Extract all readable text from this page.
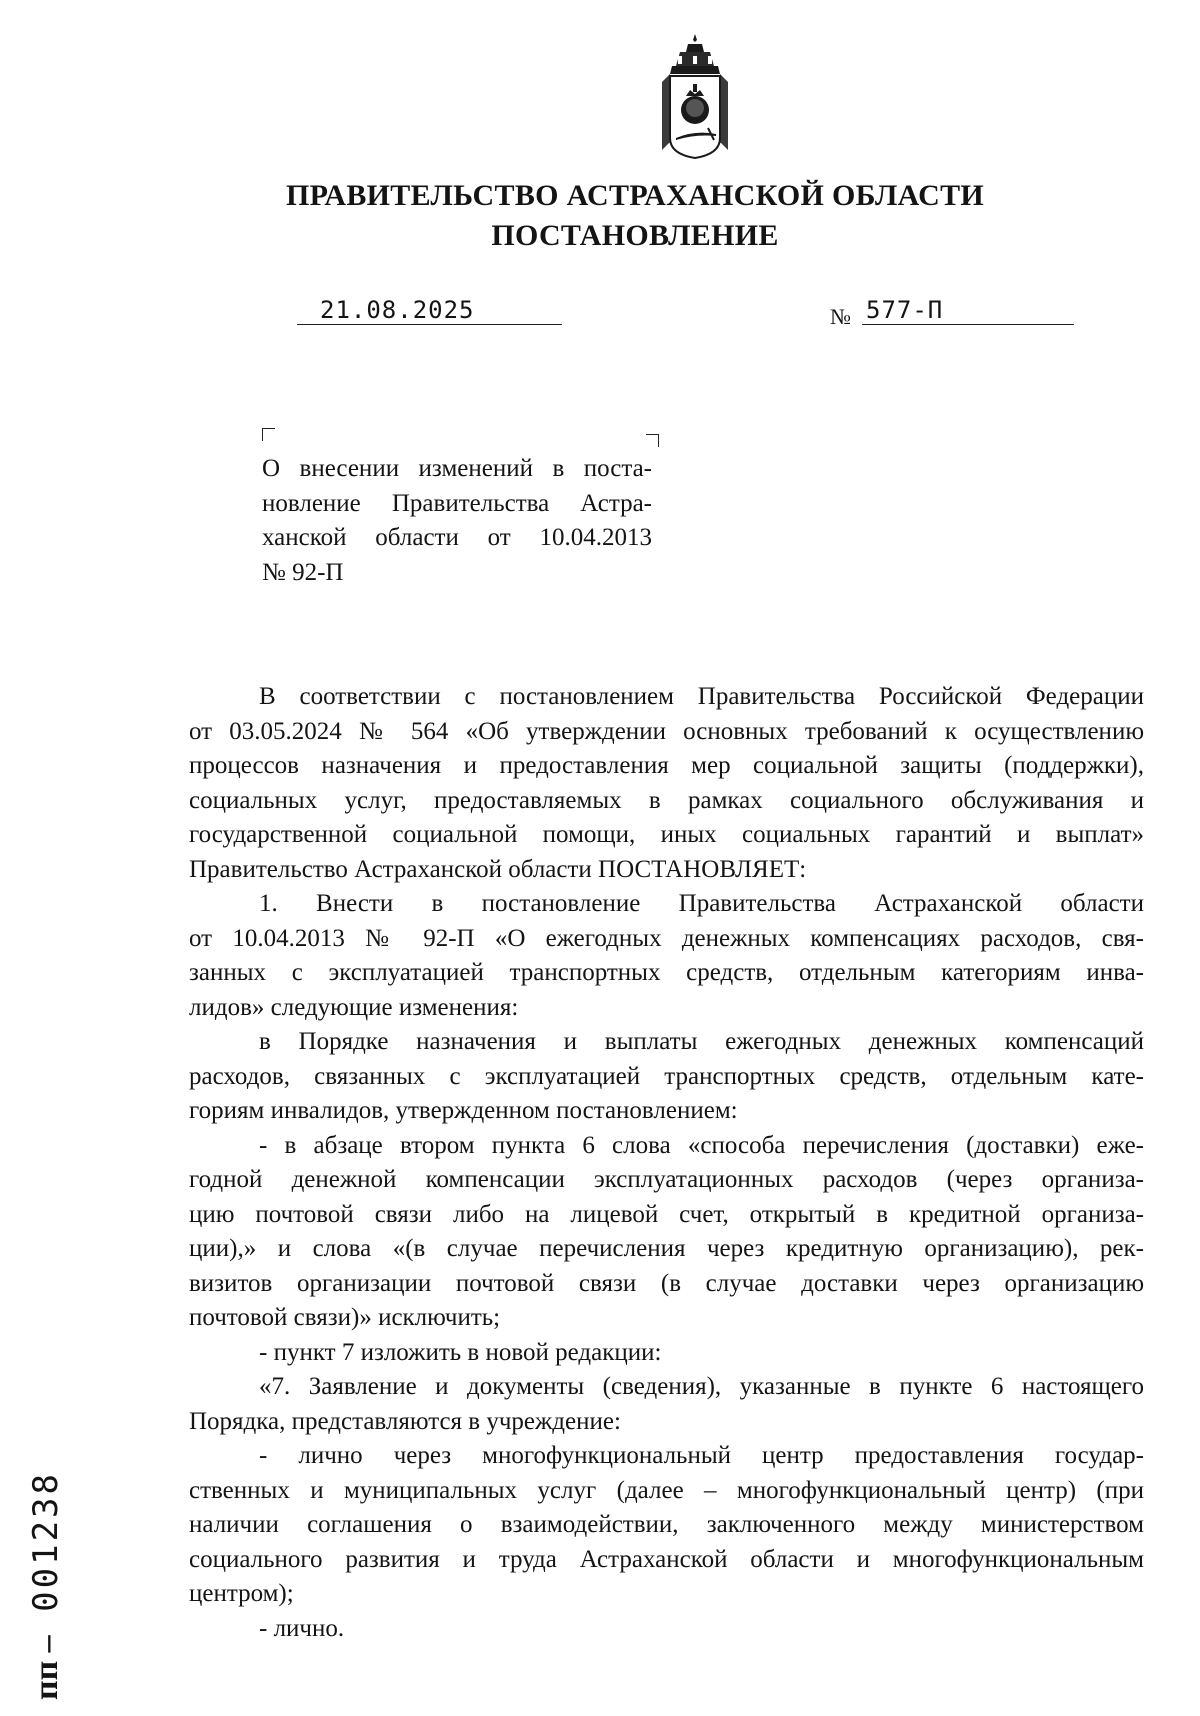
ПРАВИТЕЛЬСТВО АСТРАХАНСКОЙ ОБЛАСТИ
ПОСТАНОВЛЕНИЕ
21.08.2025	№ 577-П
О внесении изменений в поста-
новление Правительства Астра-
ханской области от 10.04.2013
№ 92-П
В соответствии с постановлением Правительства Российской Федерации
от 03.05.2024 № 564 «Об утверждении основных требований к осуществлению
процессов назначения и предоставления мер социальной защиты (поддержки),
социальных услуг, предоставляемых в рамках социального обслуживания и
государственной социальной помощи, иных социальных гарантий и выплат»
Правительство Астраханской области ПОСТАНОВЛЯЕТ:
1. Внести в постановление Правительства Астраханской области
от 10.04.2013 № 92-П «О ежегодных денежных компенсациях расходов, свя-
занных с эксплуатацией транспортных средств, отдельным категориям инва-
лидов» следующие изменения:
в Порядке назначения и выплаты ежегодных денежных компенсаций
расходов, связанных с эксплуатацией транспортных средств, отдельным кате-
гориям инвалидов, утвержденном постановлением:
- в абзаце втором пункта 6 слова «способа перечисления (доставки) еже-
годной денежной компенсации эксплуатационных расходов (через организа-
цию почтовой связи либо на лицевой счет, открытый в кредитной организа-
ции),» и слова «(в случае перечисления через кредитную организацию), рек-
визитов организации почтовой связи (в случае доставки через организацию
почтовой связи)» исключить;
- пункт 7 изложить в новой редакции:
«7. Заявление и документы (сведения), указанные в пункте 6 настоящего
Порядка, представляются в учреждение:
- лично через многофункциональный центр предоставления государ-
ственных и муниципальных услуг (далее – многофункциональный центр) (при
наличии соглашения о взаимодействии, заключенного между министерством
социального развития и труда Астраханской области и многофункциональным
центром);
- лично.
пп – 001238
